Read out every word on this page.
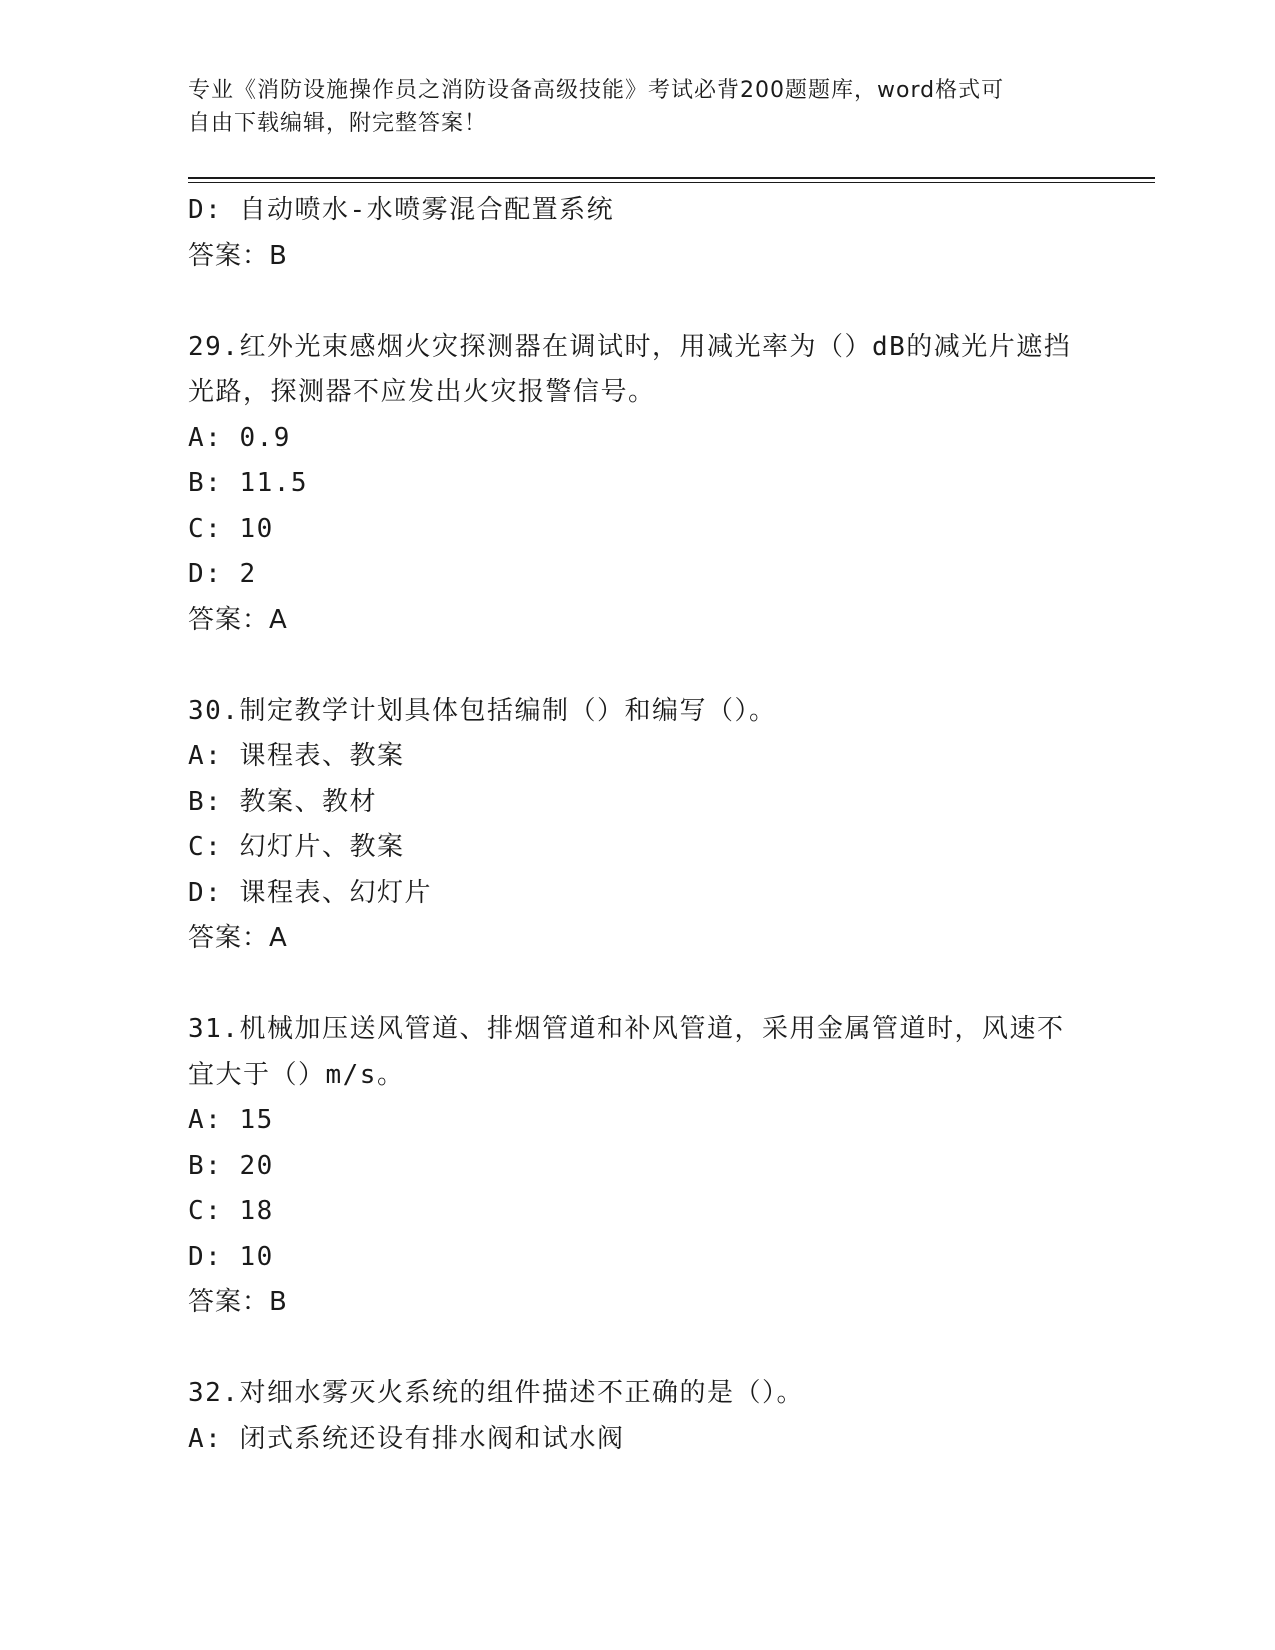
专业《消防设施操作员之消防设备高级技能》考试必背200题题库，word格式可
自由下载编辑，附完整答案！
D: 自动喷水-水喷雾混合配置系统
答案：B
29.红外光束感烟火灾探测器在调试时，用减光率为（）dB的减光片遮挡光路，探测器不应发出火灾报警信号。
A: 0.9
B: 11.5
C: 10
D: 2
答案：A
30.制定教学计划具体包括编制（）和编写（）。
A: 课程表、教案
B: 教案、教材
C: 幻灯片、教案
D: 课程表、幻灯片
答案：A
31.机械加压送风管道、排烟管道和补风管道，采用金属管道时，风速不宜大于（）m/s。
A: 15
B: 20
C: 18
D: 10
答案：B
32.对细水雾灭火系统的组件描述不正确的是（）。
A: 闭式系统还设有排水阀和试水阀
